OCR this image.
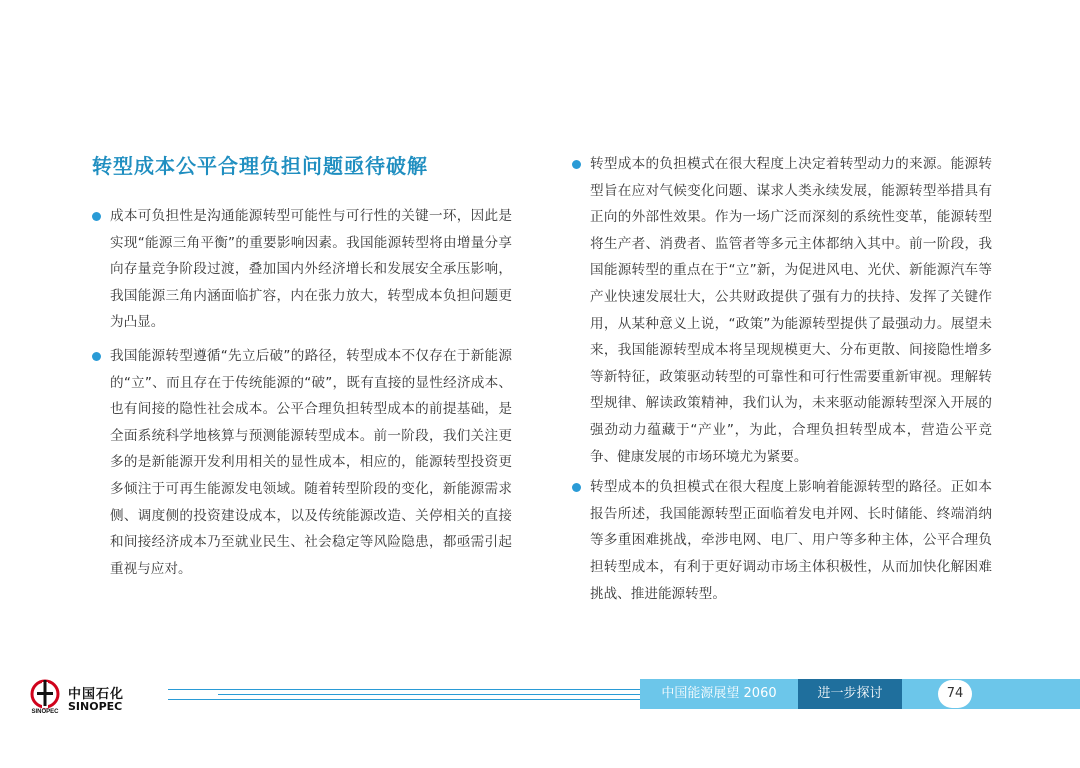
转型成本公平合理负担问题亟待破解

成本可负担性是沟通能源转型可能性与可行性的关键一环，因此是实现“能源三角平衡”的重要影响因素。我国能源转型将由增量分享向存量竞争阶段过渡，叠加国内外经济增长和发展安全承压影响，我国能源三角内涵面临扩容，内在张力放大，转型成本负担问题更为凸显。

我国能源转型遵循“先立后破”的路径，转型成本不仅存在于新能源的“立”、而且存在于传统能源的“破”，既有直接的显性经济成本、也有间接的隐性社会成本。公平合理负担转型成本的前提基础，是全面系统科学地核算与预测能源转型成本。前一阶段，我们关注更多的是新能源开发利用相关的显性成本，相应的，能源转型投资更多倾注于可再生能源发电领域。随着转型阶段的变化，新能源需求侧、调度侧的投资建设成本，以及传统能源改造、关停相关的直接和间接经济成本乃至就业民生、社会稳定等风险隐患，都亟需引起重视与应对。

转型成本的负担模式在很大程度上决定着转型动力的来源。能源转型旨在应对气候变化问题、谋求人类永续发展，能源转型举措具有正向的外部性效果。作为一场广泛而深刻的系统性变革，能源转型将生产者、消费者、监管者等多元主体都纳入其中。前一阶段，我国能源转型的重点在于“立”新，为促进风电、光伏、新能源汽车等产业快速发展壮大，公共财政提供了强有力的扶持、发挥了关键作用，从某种意义上说，“政策”为能源转型提供了最强动力。展望未来，我国能源转型成本将呈现规模更大、分布更散、间接隐性增多等新特征，政策驱动转型的可靠性和可行性需要重新审视。理解转型规律、解读政策精神，我们认为，未来驱动能源转型深入开展的强劲动力蕴藏于“产业”，为此，合理负担转型成本，营造公平竞争、健康发展的市场环境尤为紧要。

转型成本的负担模式在很大程度上影响着能源转型的路径。正如本报告所述，我国能源转型正面临着发电并网、长时储能、终端消纳等多重困难挑战，牵涉电网、电厂、用户等多种主体，公平合理负担转型成本，有利于更好调动市场主体积极性，从而加快化解困难挑战、推进能源转型。

SINOPEC
中国石化
SINOPEC
中国能源展望 2060	进一步探讨	74
